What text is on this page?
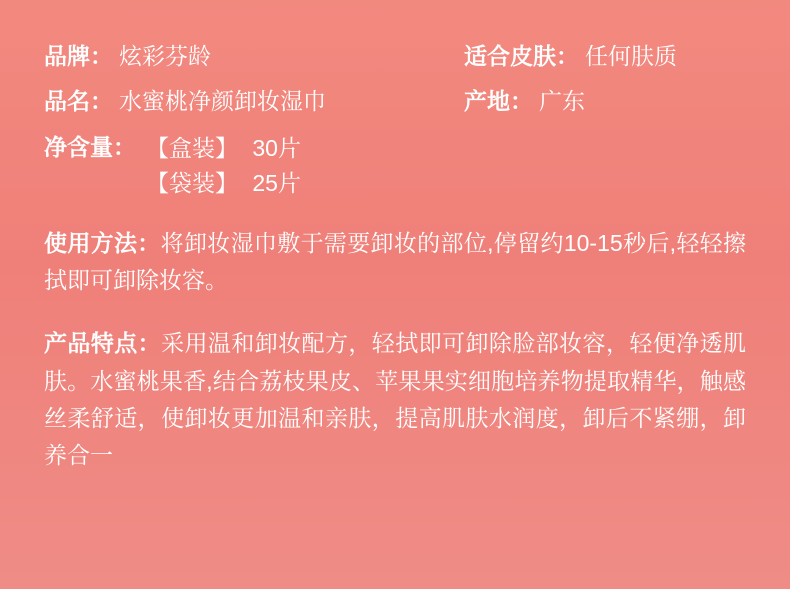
品牌： 炫彩芬龄	适合皮肤： 任何肤质
品名： 水蜜桃净颜卸妆湿巾	产地： 广东
净含量： 【盒装】 30片
【袋装】 25片

使用方法：将卸妆湿巾敷于需要卸妆的部位,停留约10-15秒后,轻轻擦拭即可卸除妆容。

产品特点：采用温和卸妆配方，轻拭即可卸除脸部妆容，轻便净透肌肤。水蜜桃果香,结合荔枝果皮、苹果果实细胞培养物提取精华，触感丝柔舒适，使卸妆更加温和亲肤，提高肌肤水润度，卸后不紧绷，卸养合一
